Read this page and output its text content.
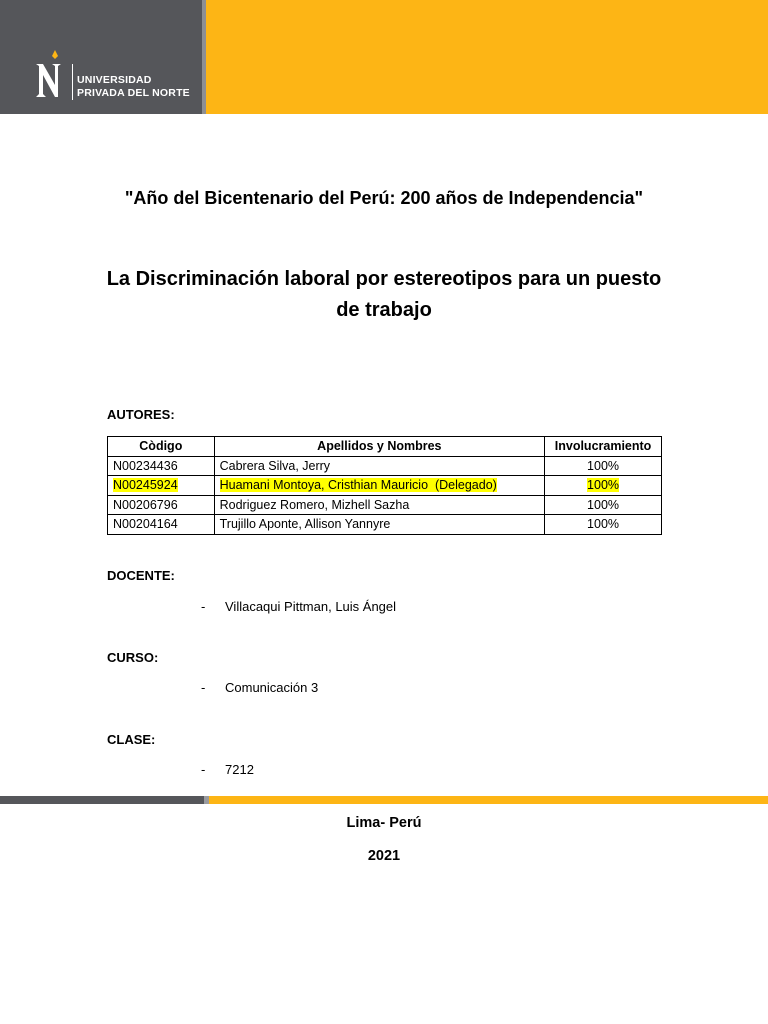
UNIVERSIDAD
PRIVADA DEL NORTE
"Año del Bicentenario del Perú: 200 años de Independencia"
La Discriminación laboral por estereotipos para un puesto de trabajo
AUTORES:
Còdigo	Apellidos y Nombres	Involucramiento
N00234436	Cabrera Silva, Jerry	100%
N00245924	Huamani Montoya, Cristhian Mauricio  (Delegado)	100%
N00206796	Rodriguez Romero, Mizhell Sazha	100%
N00204164	Trujillo Aponte, Allison Yannyre	100%
DOCENTE:
- Villacaqui Pittman, Luis Ángel
CURSO:
- Comunicación 3
CLASE:
- 7212
Lima- Perú
2021
